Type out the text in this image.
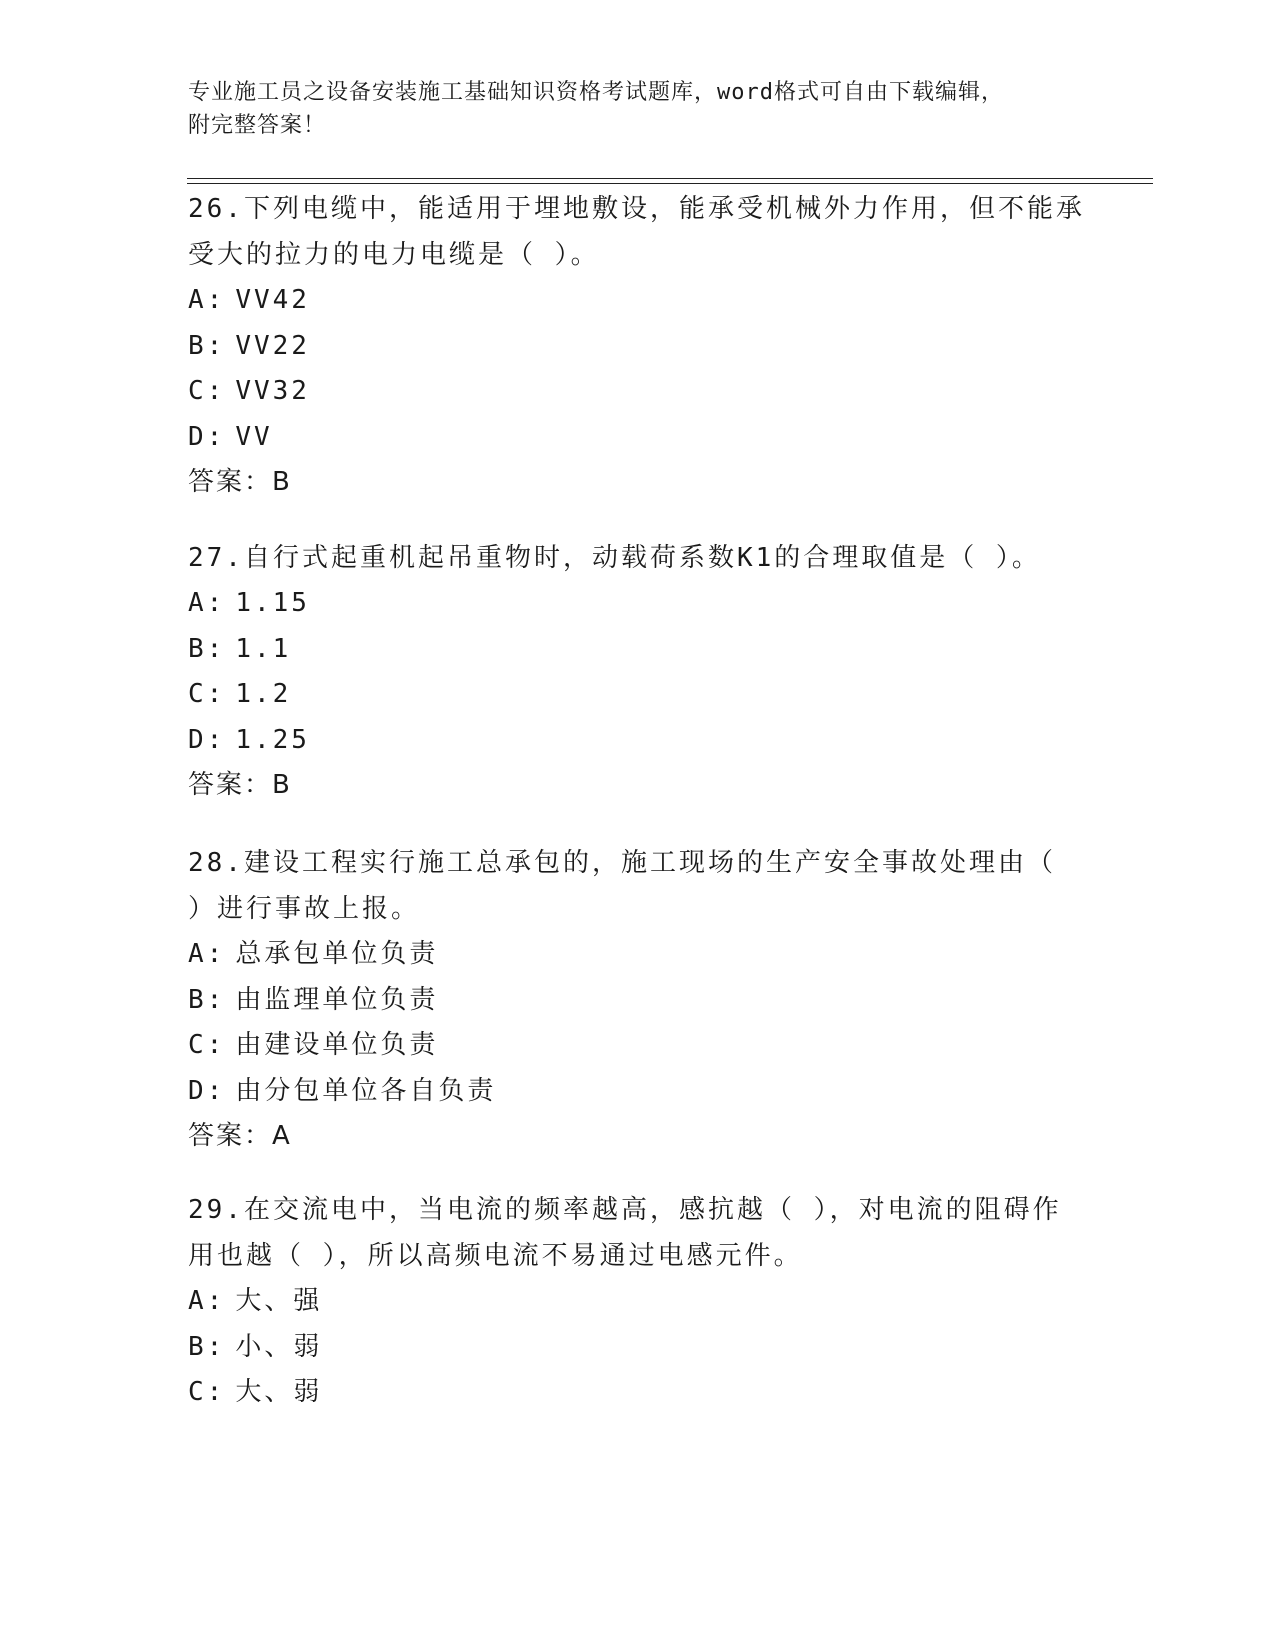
专业施工员之设备安装施工基础知识资格考试题库，word格式可自由下载编辑，
附完整答案！

26.下列电缆中，能适用于埋地敷设，能承受机械外力作用，但不能承

受大的拉力的电力电缆是（ ）。

A: VV42

B: VV22

C: VV32

D: VV

答案：B

27.自行式起重机起吊重物时，动载荷系数K1的合理取值是（ ）。

A: 1.15

B: 1.1

C: 1.2

D: 1.25

答案：B

28.建设工程实行施工总承包的，施工现场的生产安全事故处理由（

）进行事故上报。

A: 总承包单位负责

B: 由监理单位负责

C: 由建设单位负责

D: 由分包单位各自负责

答案：A

29.在交流电中，当电流的频率越高，感抗越（ ），对电流的阻碍作

用也越（ ），所以高频电流不易通过电感元件。

A: 大、强

B: 小、弱

C: 大、弱
